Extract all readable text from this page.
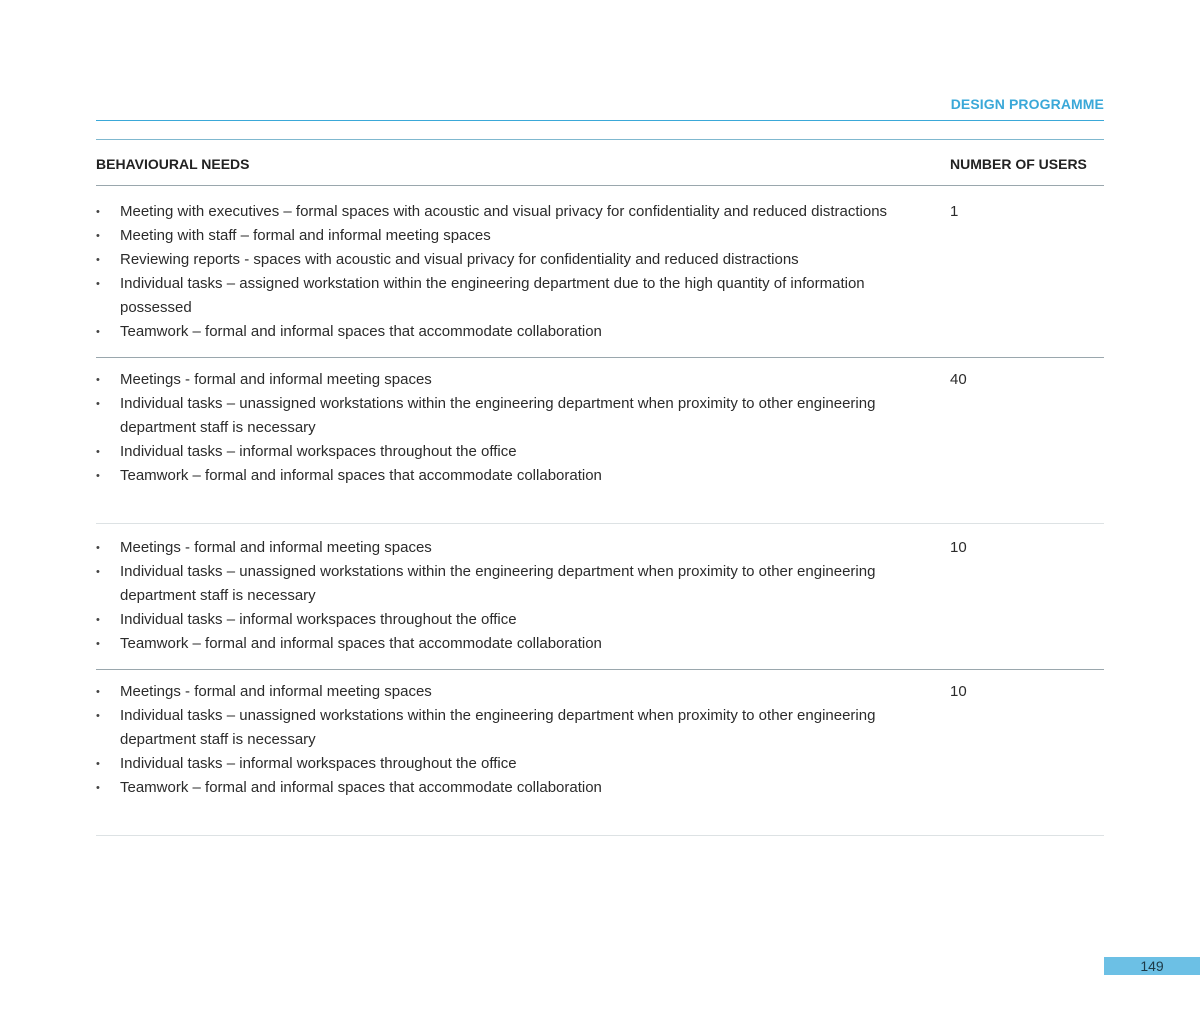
DESIGN PROGRAMME
BEHAVIOURAL NEEDS	NUMBER OF USERS
• Meeting with executives – formal spaces with acoustic and visual privacy for confidentiality and reduced distractions
• Meeting with staff – formal and informal meeting spaces
• Reviewing reports - spaces with acoustic and visual privacy for confidentiality and reduced distractions
• Individual tasks – assigned workstation within the engineering department due to the high quantity of information possessed
• Teamwork – formal and informal spaces that accommodate collaboration
1
• Meetings - formal and informal meeting spaces
• Individual tasks – unassigned workstations within the engineering department when proximity to other engineering department staff is necessary
• Individual tasks – informal workspaces throughout the office
• Teamwork – formal and informal spaces that accommodate collaboration
40
• Meetings - formal and informal meeting spaces
• Individual tasks – unassigned workstations within the engineering department when proximity to other engineering department staff is necessary
• Individual tasks – informal workspaces throughout the office
• Teamwork – formal and informal spaces that accommodate collaboration
10
• Meetings - formal and informal meeting spaces
• Individual tasks – unassigned workstations within the engineering department when proximity to other engineering department staff is necessary
• Individual tasks – informal workspaces throughout the office
• Teamwork – formal and informal spaces that accommodate collaboration
10
149
